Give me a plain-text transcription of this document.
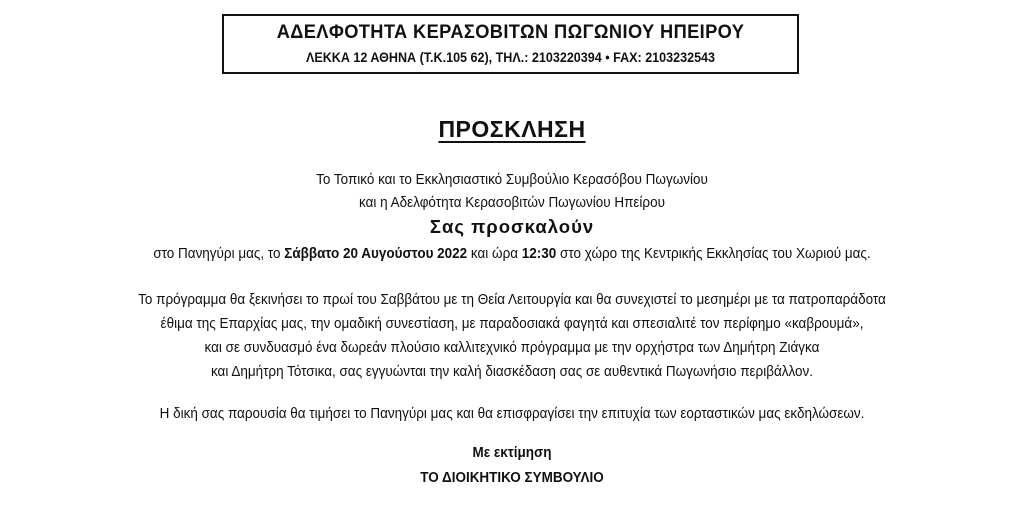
ΑΔΕΛΦΟΤΗΤΑ ΚΕΡΑΣΟΒΙΤΩΝ ΠΩΓΩΝΙΟΥ ΗΠΕΙΡΟΥ
ΛΕΚΚΑ 12 ΑΘΗΝΑ (Τ.Κ.105 62), ΤΗΛ.: 2103220394 • FAX: 2103232543
ΠΡΟΣΚΛΗΣΗ
Το Τοπικό και το Εκκλησιαστικό Συμβούλιο Κερασόβου Πωγωνίου
και η Αδελφότητα Κερασοβιτών Πωγωνίου Ηπείρου
Σας προσκαλούν
στο Πανηγύρι μας, το Σάββατο 20 Αυγούστου 2022 και ώρα 12:30 στο χώρο της Κεντρικής Εκκλησίας του Χωριού μας.
Το πρόγραμμα θα ξεκινήσει το πρωί του Σαββάτου με τη Θεία Λειτουργία και θα συνεχιστεί το μεσημέρι με τα πατροπαράδοτα
έθιμα της Επαρχίας μας, την ομαδική συνεστίαση, με παραδοσιακά φαγητά και σπεσιαλιτέ τον περίφημο «καβρουμά»,
και σε συνδυασμό ένα δωρεάν πλούσιο καλλιτεχνικό πρόγραμμα με την ορχήστρα των Δημήτρη Ζιάγκα
και Δημήτρη Τότσικα, σας εγγυώνται την καλή διασκέδαση σας σε αυθεντικά Πωγωνήσιο περιβάλλον.
Η δική σας παρουσία θα τιμήσει το Πανηγύρι μας και θα επισφραγίσει την επιτυχία των εορταστικών μας εκδηλώσεων.
Με εκτίμηση
ΤΟ ΔΙΟΙΚΗΤΙΚΟ ΣΥΜΒΟΥΛΙΟ
